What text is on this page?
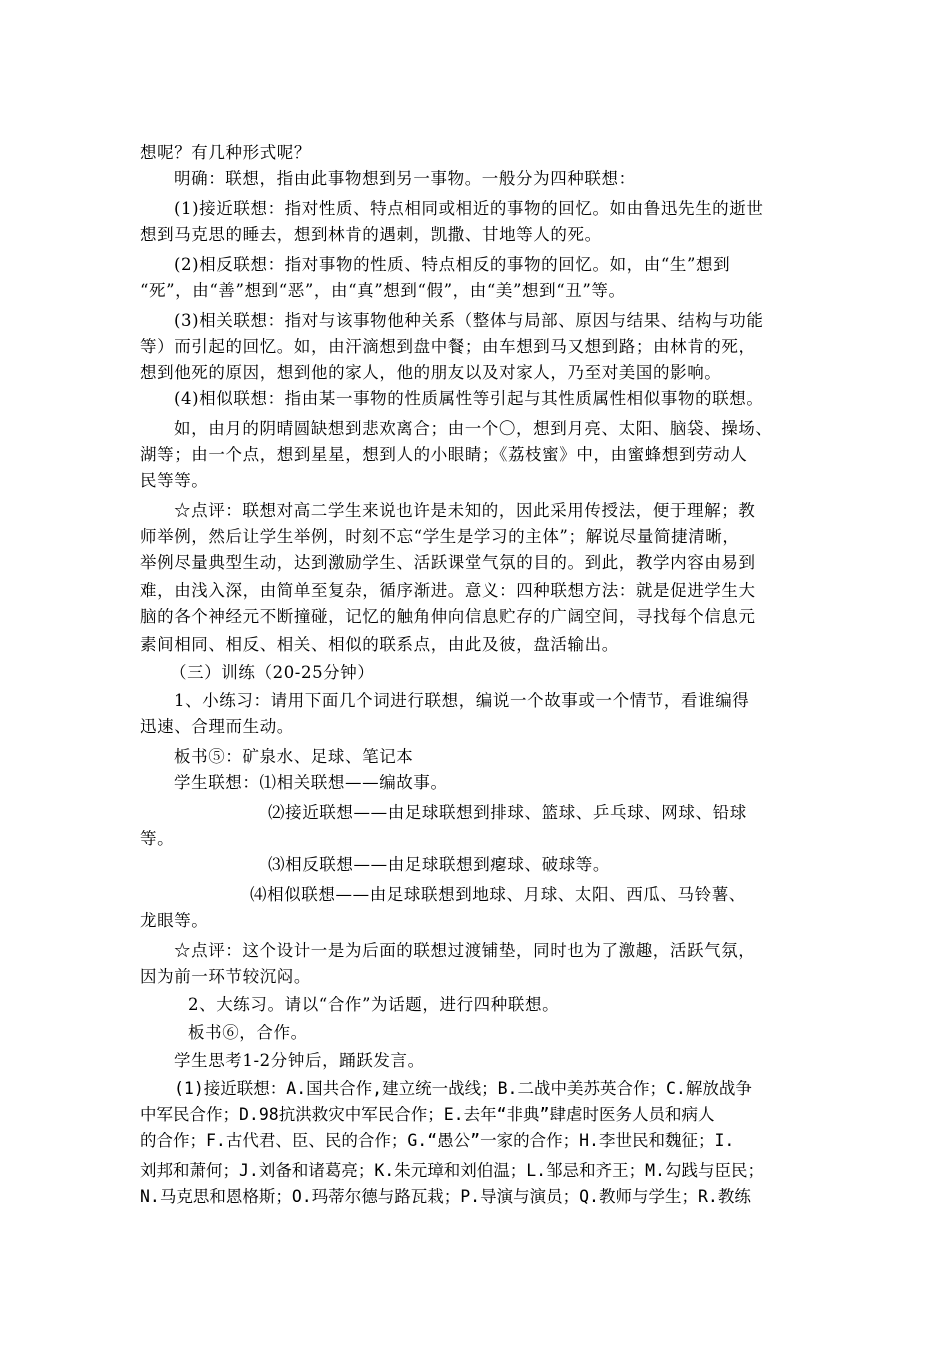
想呢？有几种形式呢？
明确：联想，指由此事物想到另一事物。一般分为四种联想：
(1)接近联想：指对性质、特点相同或相近的事物的回忆。如由鲁迅先生的逝世
想到马克思的睡去，想到林肯的遇刺，凯撒、甘地等人的死。
(2)相反联想：指对事物的性质、特点相反的事物的回忆。如，由“生”想到
“死”，由“善”想到“恶”，由“真”想到“假”，由“美”想到“丑”等。
(3)相关联想：指对与该事物他种关系（整体与局部、原因与结果、结构与功能
等）而引起的回忆。如，由汗滴想到盘中餐；由车想到马又想到路；由林肯的死，
想到他死的原因，想到他的家人，他的朋友以及对家人，乃至对美国的影响。
(4)相似联想：指由某一事物的性质属性等引起与其性质属性相似事物的联想。
如，由月的阴晴圆缺想到悲欢离合；由一个〇，想到月亮、太阳、脑袋、操场、
湖等；由一个点，想到星星，想到人的小眼睛；《荔枝蜜》中，由蜜蜂想到劳动人
民等等。
☆点评：联想对高二学生来说也许是未知的，因此采用传授法，便于理解；教
师举例，然后让学生举例，时刻不忘“学生是学习的主体”；解说尽量简捷清晰，
举例尽量典型生动，达到激励学生、活跃课堂气氛的目的。到此，教学内容由易到
难，由浅入深，由简单至复杂，循序渐进。意义：四种联想方法：就是促进学生大
脑的各个神经元不断撞碰，记忆的触角伸向信息贮存的广阔空间，寻找每个信息元
素间相同、相反、相关、相似的联系点，由此及彼，盘活输出。
（三）训练（20-25分钟）
1、小练习：请用下面几个词进行联想，编说一个故事或一个情节，看谁编得
迅速、合理而生动。
板书⑤：矿泉水、足球、笔记本
学生联想：⑴相关联想——编故事。
⑵接近联想——由足球联想到排球、篮球、乒乓球、网球、铅球
等。
⑶相反联想——由足球联想到瘪球、破球等。
⑷相似联想——由足球联想到地球、月球、太阳、西瓜、马铃薯、
龙眼等。
☆点评：这个设计一是为后面的联想过渡铺垫，同时也为了激趣，活跃气氛，
因为前一环节较沉闷。
2、大练习。请以“合作”为话题，进行四种联想。
板书⑥，合作。
学生思考1-2分钟后，踊跃发言。
(1)接近联想：A.国共合作,建立统一战线；B.二战中美苏英合作；C.解放战争
中军民合作；D.98抗洪救灾中军民合作；E.去年“非典”肆虐时医务人员和病人
的合作；F.古代君、臣、民的合作；G.“愚公”一家的合作；H.李世民和魏征；I.
刘邦和萧何；J.刘备和诸葛亮；K.朱元璋和刘伯温；L.邹忌和齐王；M.勾践与臣民；
N.马克思和恩格斯；O.玛蒂尔德与路瓦栽；P.导演与演员；Q.教师与学生；R.教练
